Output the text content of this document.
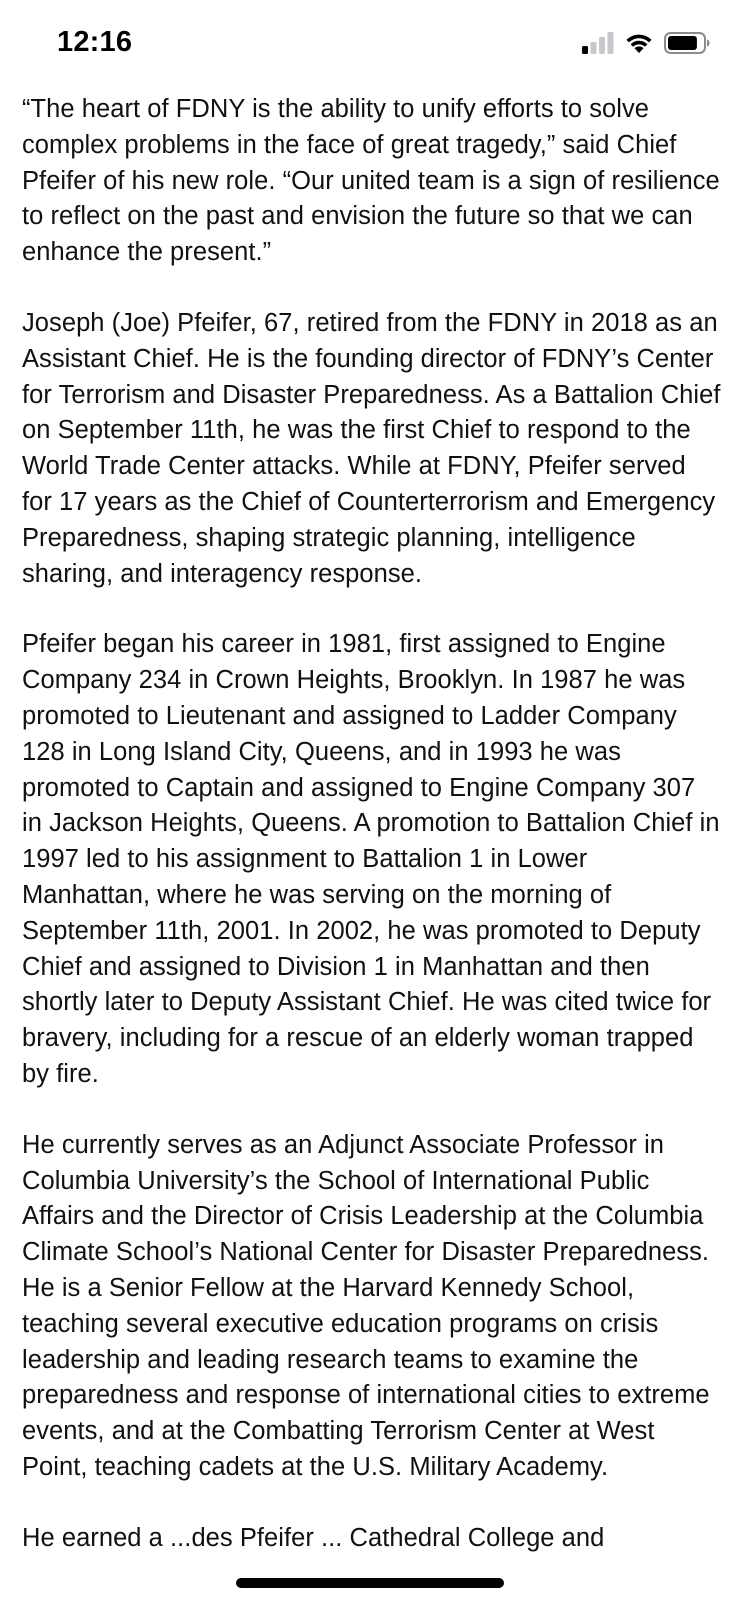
12:16

“The heart of FDNY is the ability to unify efforts to solve complex problems in the face of great tragedy,” said Chief Pfeifer of his new role. “Our united team is a sign of resilience to reflect on the past and envision the future so that we can enhance the present.”

Joseph (Joe) Pfeifer, 67, retired from the FDNY in 2018 as an Assistant Chief. He is the founding director of FDNY’s Center for Terrorism and Disaster Preparedness. As a Battalion Chief on September 11th, he was the first Chief to respond to the World Trade Center attacks. While at FDNY, Pfeifer served for 17 years as the Chief of Counterterrorism and Emergency Preparedness, shaping strategic planning, intelligence sharing, and interagency response.

Pfeifer began his career in 1981, first assigned to Engine Company 234 in Crown Heights, Brooklyn. In 1987 he was promoted to Lieutenant and assigned to Ladder Company 128 in Long Island City, Queens, and in 1993 he was promoted to Captain and assigned to Engine Company 307 in Jackson Heights, Queens. A promotion to Battalion Chief in 1997 led to his assignment to Battalion 1 in Lower Manhattan, where he was serving on the morning of September 11th, 2001. In 2002, he was promoted to Deputy Chief and assigned to Division 1 in Manhattan and then shortly later to Deputy Assistant Chief. He was cited twice for bravery, including for a rescue of an elderly woman trapped by fire.

He currently serves as an Adjunct Associate Professor in Columbia University’s the School of International Public Affairs and the Director of Crisis Leadership at the Columbia Climate School’s National Center for Disaster Preparedness. He is a Senior Fellow at the Harvard Kennedy School, teaching several executive education programs on crisis leadership and leading research teams to examine the preparedness and response of international cities to extreme events, and at the Combatting Terrorism Center at West Point, teaching cadets at the U.S. Military Academy.

He earned a ...des Pfeifer ... Cathedral College and
